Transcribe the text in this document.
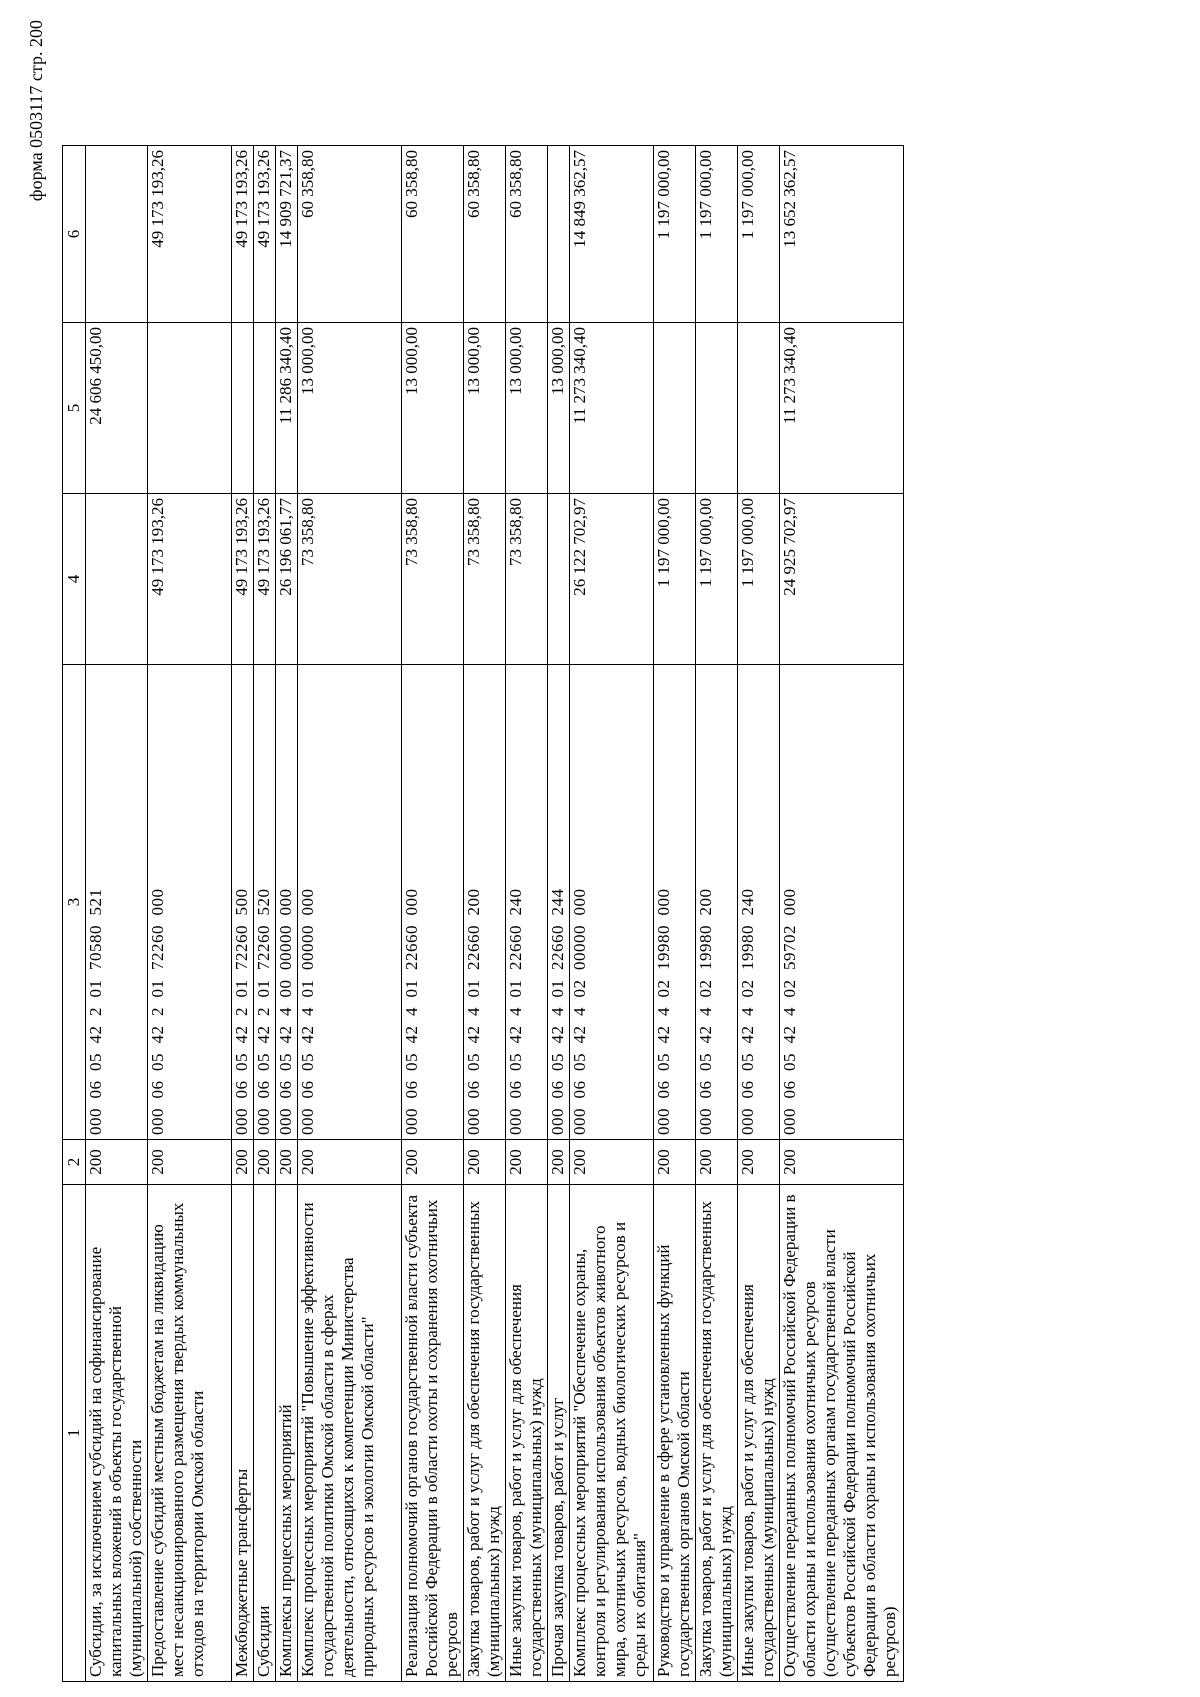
форма 0503117 стр. 200
1	2	3	4	5	6
Субсидии, за исключением субсидий на софинансирование капитальных вложений в объекты государственной (муниципальной) собственности	200	000  06  05  42  2  01  70580  521		24 606 450,00	
Предоставление субсидий местным бюджетам на ликвидацию мест несанкционированного размещения твердых коммунальных отходов на территории Омской области	200	000  06  05  42  2  01  72260  000	49 173 193,26		49 173 193,26
Межбюджетные трансферты	200	000  06  05  42  2  01  72260  500	49 173 193,26		49 173 193,26
Субсидии	200	000  06  05  42  2  01  72260  520	49 173 193,26		49 173 193,26
Комплексы процессных мероприятий	200	000  06  05  42  4  00  00000  000	26 196 061,77	11 286 340,40	14 909 721,37
Комплекс процессных мероприятий "Повышение эффективности государственной политики Омской области в сферах деятельности, относящихся к компетенции Министерства природных ресурсов и экологии Омской области"	200	000  06  05  42  4  01  00000  000	73 358,80	13 000,00	60 358,80
Реализация полномочий органов государственной власти субъекта Российской Федерации в области охоты и сохранения охотничьих ресурсов	200	000  06  05  42  4  01  22660  000	73 358,80	13 000,00	60 358,80
Закупка товаров, работ и услуг для обеспечения государственных (муниципальных) нужд	200	000  06  05  42  4  01  22660  200	73 358,80	13 000,00	60 358,80
Иные закупки товаров, работ и услуг для обеспечения государственных (муниципальных) нужд	200	000  06  05  42  4  01  22660  240	73 358,80	13 000,00	60 358,80
Прочая закупка товаров, работ и услуг	200	000  06  05  42  4  01  22660  244		13 000,00	
Комплекс процессных мероприятий "Обеспечение охраны, контроля и регулирования использования объектов животного мира, охотничьих ресурсов, водных биологических ресурсов и среды их обитания"	200	000  06  05  42  4  02  00000  000	26 122 702,97	11 273 340,40	14 849 362,57
Руководство и управление в сфере установленных функций государственных органов Омской области	200	000  06  05  42  4  02  19980  000	1 197 000,00		1 197 000,00
Закупка товаров, работ и услуг для обеспечения государственных (муниципальных) нужд	200	000  06  05  42  4  02  19980  200	1 197 000,00		1 197 000,00
Иные закупки товаров, работ и услуг для обеспечения государственных (муниципальных) нужд	200	000  06  05  42  4  02  19980  240	1 197 000,00		1 197 000,00
Осуществление переданных полномочий Российской Федерации в области охраны и использования охотничьих ресурсов (осуществление переданных органам государственной власти субъектов Российской Федерации полномочий Российской Федерации в области охраны и использования охотничьих ресурсов)	200	000  06  05  42  4  02  59702  000	24 925 702,97	11 273 340,40	13 652 362,57
